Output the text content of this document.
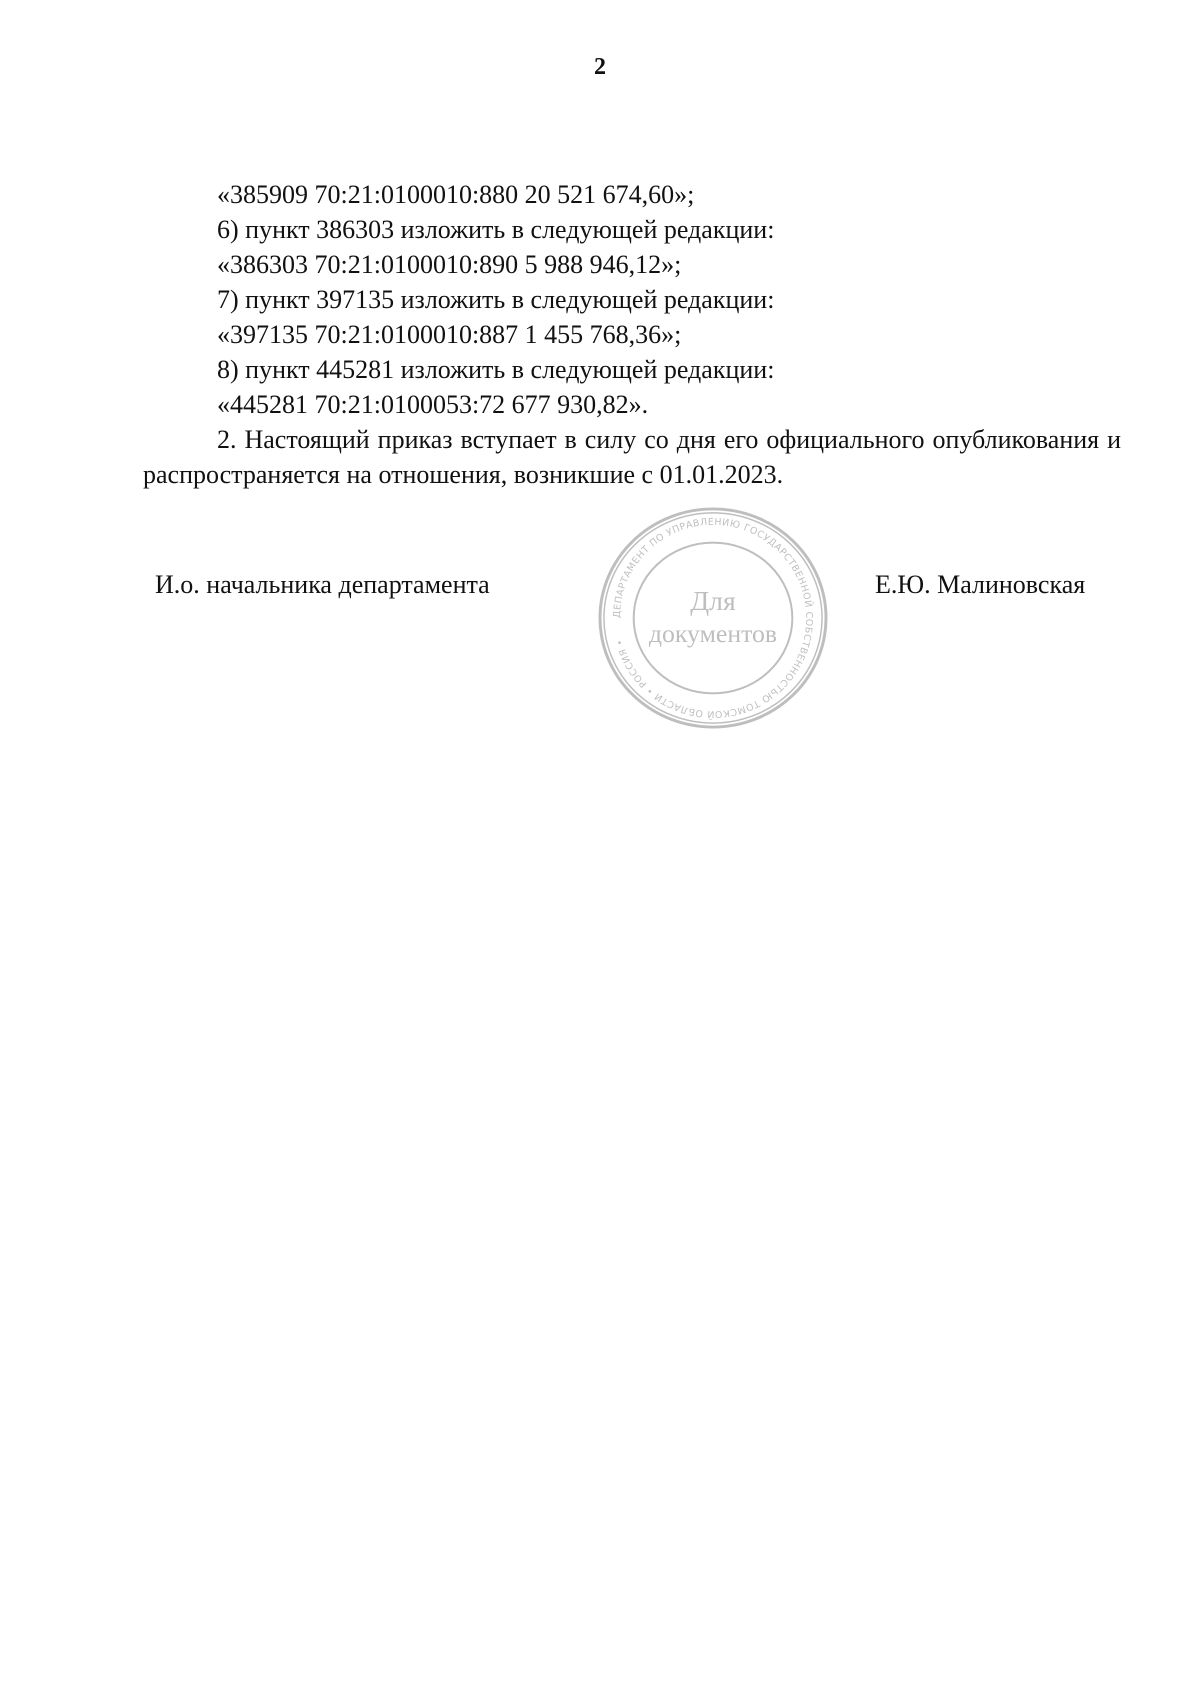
2
«385909 70:21:0100010:880 20 521 674,60»;
6) пункт 386303 изложить в следующей редакции:
«386303 70:21:0100010:890 5 988 946,12»;
7) пункт 397135 изложить в следующей редакции:
«397135 70:21:0100010:887 1 455 768,36»;
8) пункт 445281 изложить в следующей редакции:
«445281 70:21:0100053:72 677 930,82».
2. Настоящий приказ вступает в силу со дня его официального опубликования и распространяется на отношения, возникшие с 01.01.2023.
И.о. начальника департамента	Е.Ю. Малиновская
ДЕПАРТАМЕНТ ПО УПРАВЛЕНИЮ ГОСУДАРСТВЕННОЙ СОБСТВЕННОСТЬЮ ТОМСКОЙ ОБЛАСТИ • РОССИЯ •
Для
документов
